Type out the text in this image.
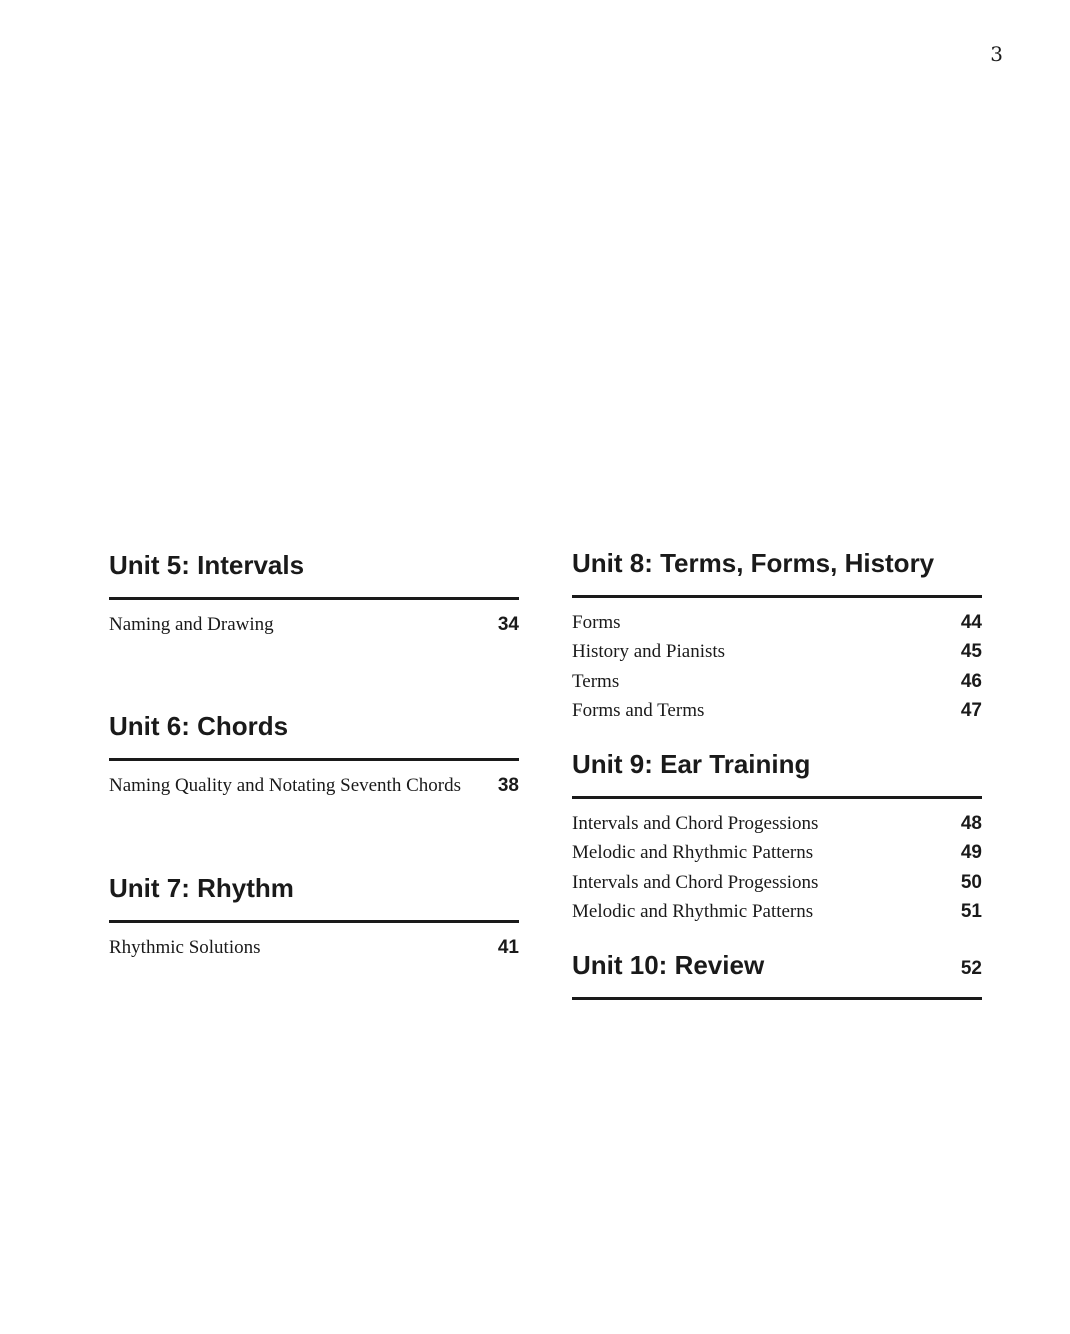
3
Unit 5: Intervals
Naming and Drawing	34
Unit 6: Chords
Naming Quality and Notating Seventh Chords 38
Unit 7: Rhythm
Rhythmic Solutions	41
Unit 8: Terms, Forms, History
Forms	44
History and Pianists	45
Terms	46
Forms and Terms	47
Unit 9: Ear Training
Intervals and Chord Progessions	48
Melodic and Rhythmic Patterns	49
Intervals and Chord Progessions	50
Melodic and Rhythmic Patterns	51
Unit 10: Review	52
